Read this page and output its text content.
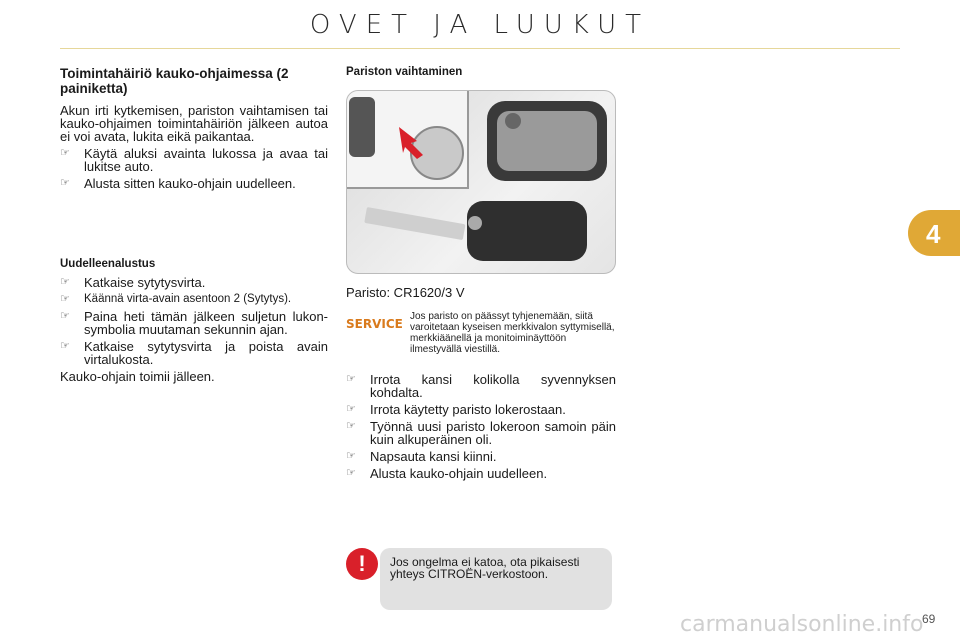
OVET JA LUUKUT
Toimintahäiriö kauko-ohjaimessa (2 painiketta)

Akun irti kytkemisen, pariston vaihtamisen tai kauko-ohjaimen toimintahäiriön jälkeen autoa ei voi avata, lukita eikä paikantaa.

☞	Käytä aluksi avainta lukossa ja avaa tai lukitse auto.
☞	Alusta sitten kauko-ohjain uudelleen.
Uudelleenalustus
☞	Katkaise sytytysvirta.
☞	Käännä virta-avain asentoon 2 (Sytytys).
☞	Paina heti tämän jälkeen suljetun lukon-symbolia muutaman sekunnin ajan.
☞	Katkaise sytytysvirta ja poista avain virtalukosta.

Kauko-ohjain toimii jälleen.

Pariston vaihtaminen

Paristo: CR1620/3 V

SERVICE
Jos paristo on päässyt tyhjenemään, siitä varoitetaan kyseisen merkkivalon syttymisellä, merkkiäänellä ja monitoiminäyttöön ilmestyvällä viestillä.
☞	Irrota kansi kolikolla syvennyksen kohdalta.
☞	Irrota käytetty paristo lokerostaan.
☞	Työnnä uusi paristo lokeroon samoin päin kuin alkuperäinen oli.
☞	Napsauta kansi kiinni.
☞	Alusta kauko-ohjain uudelleen.
!	Jos ongelma ei katoa, ota pikaisesti yhteys CITROËN-verkostoon.
4
carmanualsonline.info
69
